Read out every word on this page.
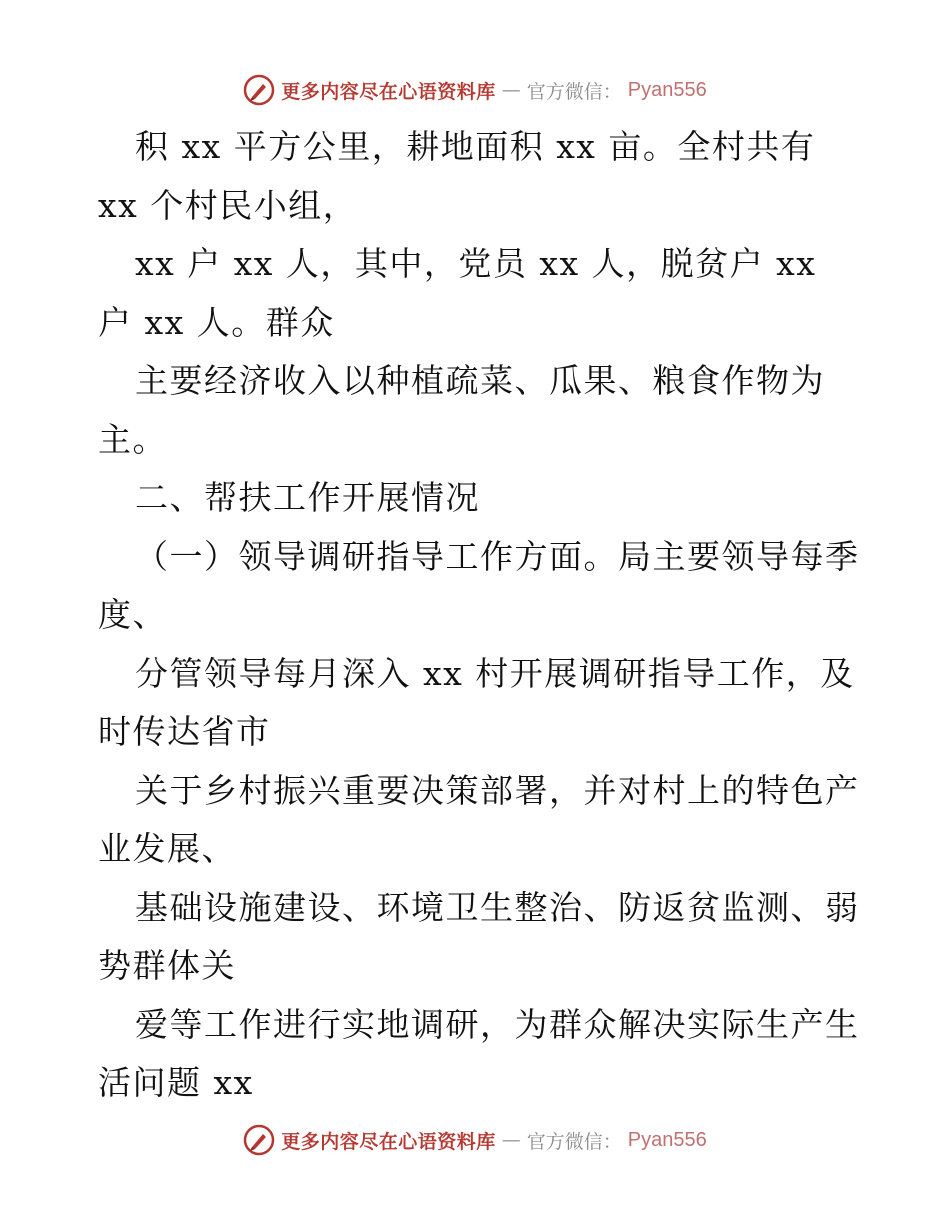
更多内容尽在心语资料库 — 官方微信： Pyan556
积 xx 平方公里，耕地面积 xx 亩。全村共有
xx 个村民小组，
xx 户 xx 人，其中，党员 xx 人，脱贫户 xx
户 xx 人。群众
主要经济收入以种植疏菜、瓜果、粮食作物为
主。
二、帮扶工作开展情况
（一）领导调研指导工作方面。局主要领导每季
度、
分管领导每月深入 xx 村开展调研指导工作，及
时传达省市
关于乡村振兴重要决策部署，并对村上的特色产
业发展、
基础设施建设、环境卫生整治、防返贫监测、弱
势群体关
爱等工作进行实地调研，为群众解决实际生产生
活问题 xx
更多内容尽在心语资料库 — 官方微信： Pyan556
